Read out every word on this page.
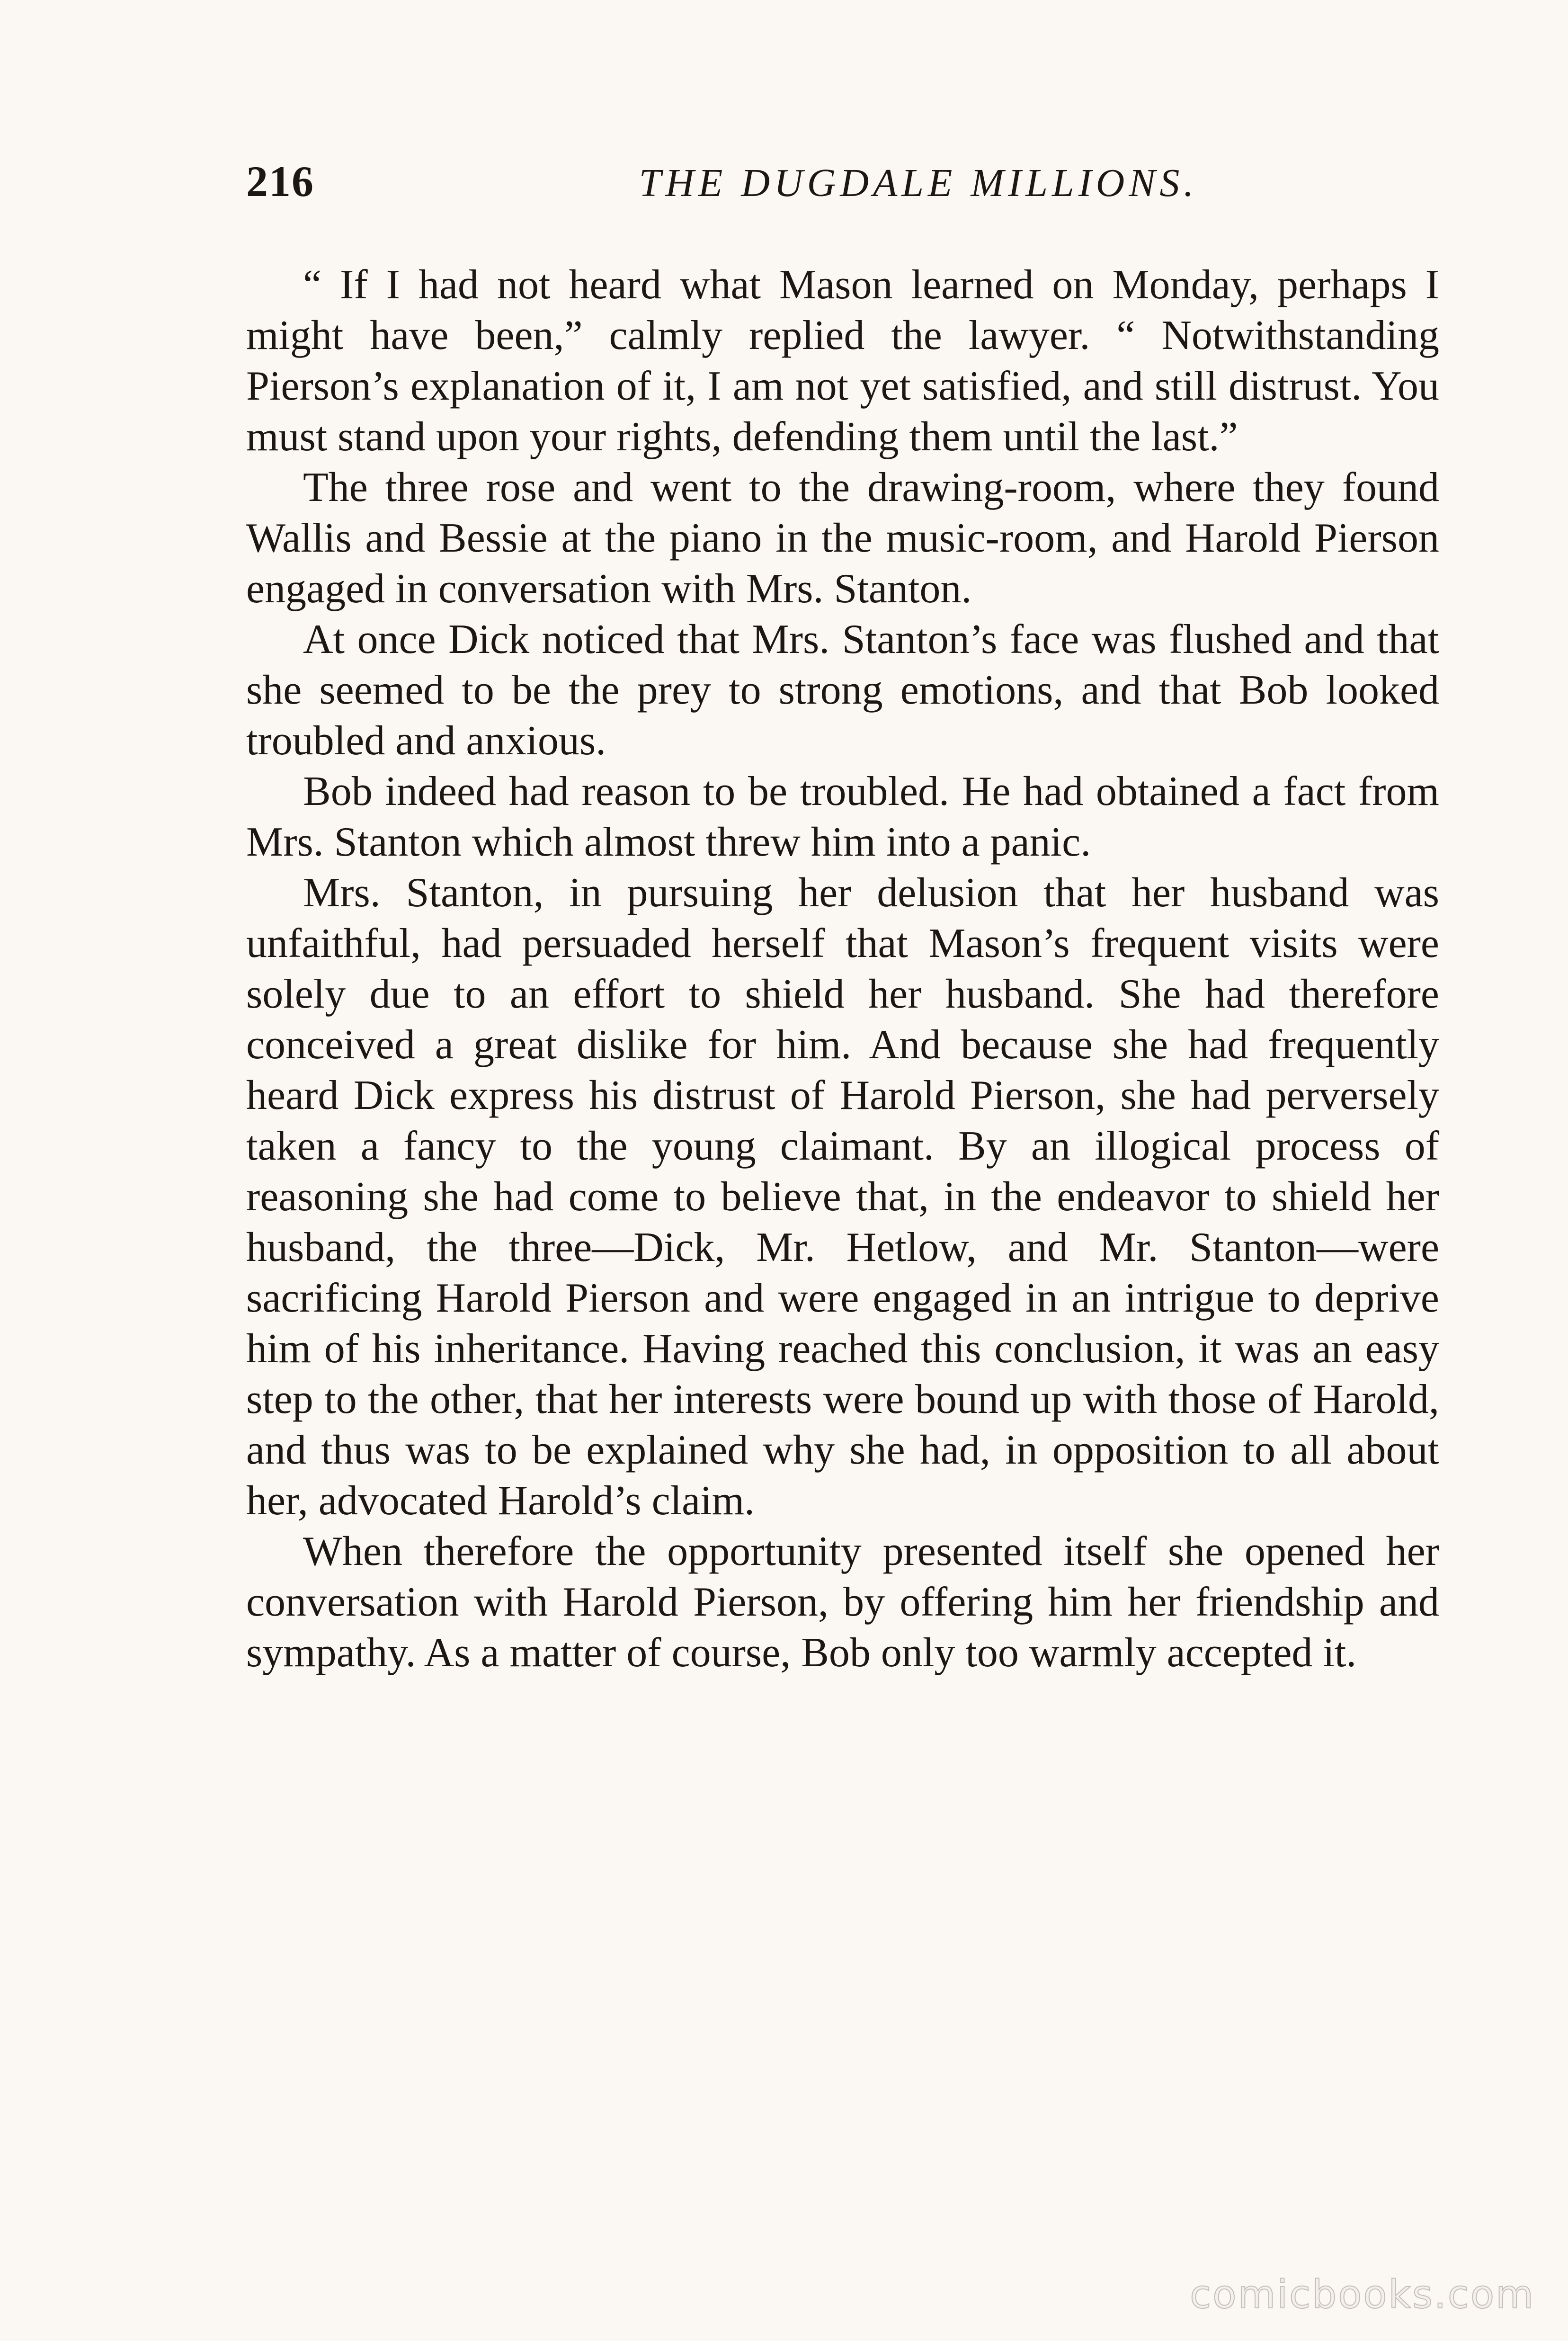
216	THE DUGDALE MILLIONS.

“ If I had not heard what Mason learned on Monday, perhaps I might have been,” calmly replied the lawyer. “ Notwithstanding Pierson’s explanation of it, I am not yet satisfied, and still distrust. You must stand upon your rights, defending them until the last.”

The three rose and went to the drawing-room, where they found Wallis and Bessie at the piano in the music-room, and Harold Pierson engaged in conversation with Mrs. Stanton.

At once Dick noticed that Mrs. Stanton’s face was flushed and that she seemed to be the prey to strong emotions, and that Bob looked troubled and anxious.

Bob indeed had reason to be troubled. He had obtained a fact from Mrs. Stanton which almost threw him into a panic.

Mrs. Stanton, in pursuing her delusion that her husband was unfaithful, had persuaded herself that Mason’s frequent visits were solely due to an effort to shield her husband. She had therefore conceived a great dislike for him. And because she had frequently heard Dick express his distrust of Harold Pierson, she had perversely taken a fancy to the young claimant. By an illogical process of reasoning she had come to believe that, in the endeavor to shield her husband, the three—Dick, Mr. Hetlow, and Mr. Stanton—were sacrificing Harold Pierson and were engaged in an intrigue to deprive him of his inheritance. Having reached this conclusion, it was an easy step to the other, that her interests were bound up with those of Harold, and thus was to be explained why she had, in opposition to all about her, advocated Harold’s claim.

When therefore the opportunity presented itself she opened her conversation with Harold Pierson, by offering him her friendship and sympathy. As a matter of course, Bob only too warmly accepted it.

comicbooks.com
